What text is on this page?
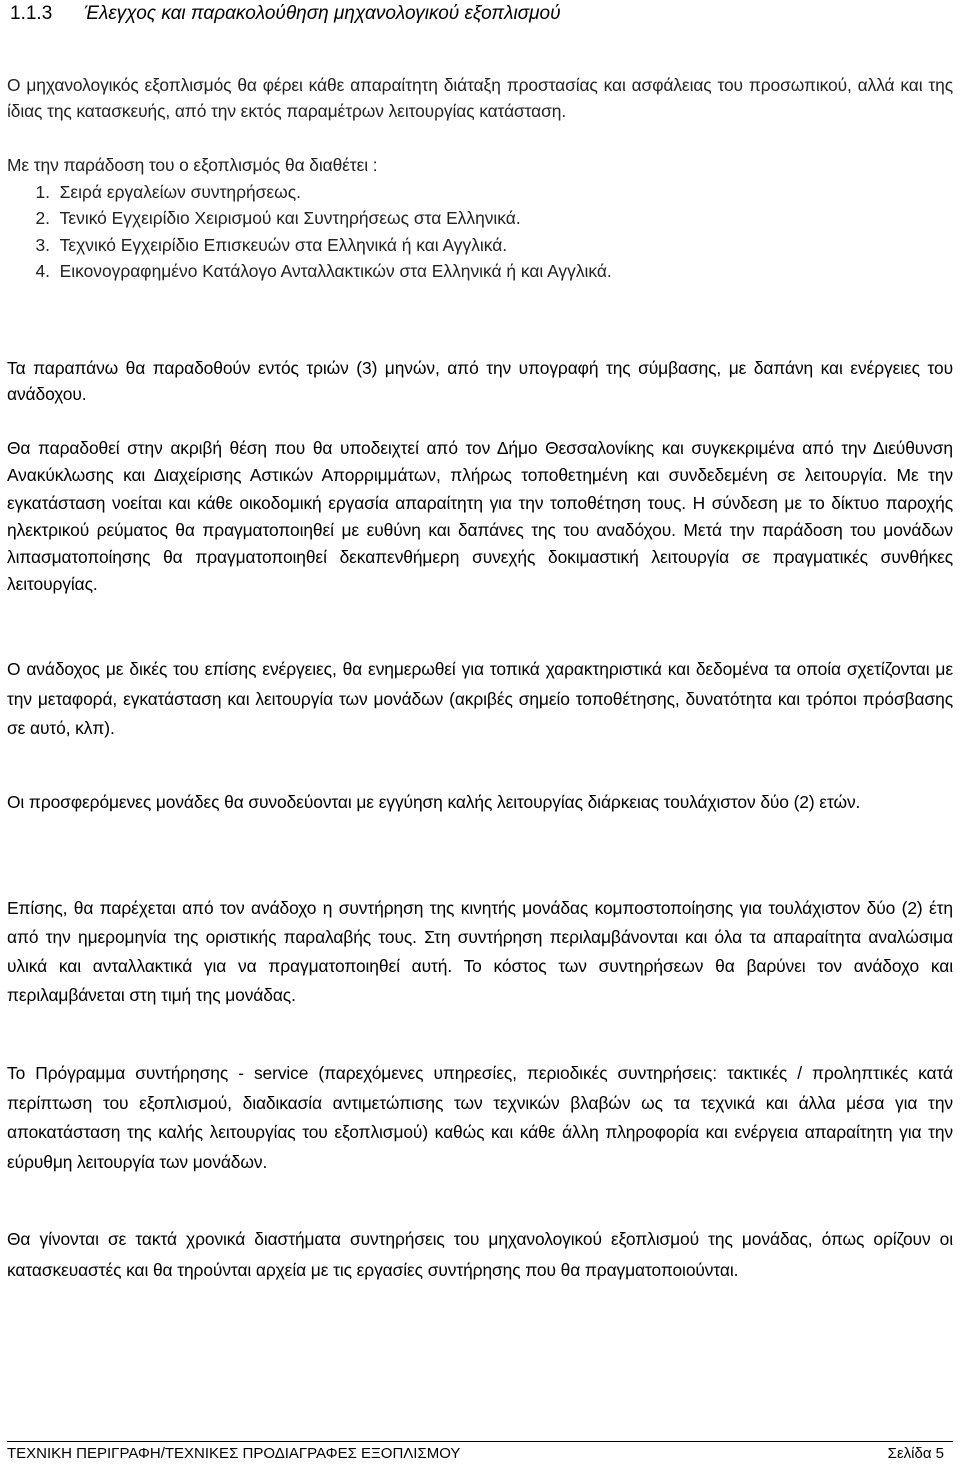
1.1.3 Έλεγχος και παρακολούθηση μηχανολογικού εξοπλισμού

Ο μηχανολογικός εξοπλισμός θα φέρει κάθε απαραίτητη διάταξη προστασίας και ασφάλειας του προσωπικού, αλλά και της ίδιας της κατασκευής, από την εκτός παραμέτρων λειτουργίας κατάσταση.

Με την παράδοση του ο εξοπλισμός θα διαθέτει :

1. Σειρά εργαλείων συντηρήσεως.
2. Τενικό Εγχειρίδιο Χειρισμού και Συντηρήσεως στα Ελληνικά.
3. Τεχνικό Εγχειρίδιο Επισκευών στα Ελληνικά ή και Αγγλικά.
4. Εικονογραφημένο Κατάλογο Ανταλλακτικών στα Ελληνικά ή και Αγγλικά.

Τα παραπάνω θα παραδοθούν εντός τριών (3) μηνών, από την υπογραφή της σύμβασης, με δαπάνη και ενέργειες του ανάδοχου.

Θα παραδοθεί στην ακριβή θέση που θα υποδειχτεί από τον Δήμο Θεσσαλονίκης και συγκεκριμένα από την Διεύθυνση Ανακύκλωσης και Διαχείρισης Αστικών Απορριμμάτων, πλήρως τοποθετημένη και συνδεδεμένη σε λειτουργία. Με την εγκατάσταση νοείται και κάθε οικοδομική εργασία απαραίτητη για την τοποθέτηση τους. Η σύνδεση με το δίκτυο παροχής ηλεκτρικού ρεύματος θα πραγματοποιηθεί με ευθύνη και δαπάνες της του αναδόχου. Μετά την παράδοση του μονάδων λιπασματοποίησης θα πραγματοποιηθεί δεκαπενθήμερη συνεχής δοκιμαστική λειτουργία σε πραγματικές συνθήκες λειτουργίας.

Ο ανάδοχος με δικές του επίσης ενέργειες, θα ενημερωθεί για τοπικά χαρακτηριστικά και δεδομένα τα οποία σχετίζονται με την μεταφορά, εγκατάσταση και λειτουργία των μονάδων (ακριβές σημείο τοποθέτησης, δυνατότητα και τρόποι πρόσβασης σε αυτό, κλπ).

Οι προσφερόμενες μονάδες θα συνοδεύονται με εγγύηση καλής λειτουργίας διάρκειας τουλάχιστον δύο (2) ετών.

Επίσης, θα παρέχεται από τον ανάδοχο η συντήρηση της κινητής μονάδας κομποστοποίησης για τουλάχιστον δύο (2) έτη από την ημερομηνία της οριστικής παραλαβής τους. Στη συντήρηση περιλαμβάνονται και όλα τα απαραίτητα αναλώσιμα υλικά και ανταλλακτικά για να πραγματοποιηθεί αυτή. Το κόστος των συντηρήσεων θα βαρύνει τον ανάδοχο και περιλαμβάνεται στη τιμή της μονάδας.

Το Πρόγραμμα συντήρησης - service (παρεχόμενες υπηρεσίες, περιοδικές συντηρήσεις: τακτικές / προληπτικές κατά περίπτωση του εξοπλισμού, διαδικασία αντιμετώπισης των τεχνικών βλαβών ως τα τεχνικά και άλλα μέσα για την αποκατάσταση της καλής λειτουργίας του εξοπλισμού) καθώς και κάθε άλλη πληροφορία και ενέργεια απαραίτητη για την εύρυθμη λειτουργία των μονάδων.

Θα γίνονται σε τακτά χρονικά διαστήματα συντηρήσεις του μηχανολογικού εξοπλισμού της μονάδας, όπως ορίζουν οι κατασκευαστές και θα τηρούνται αρχεία με τις εργασίες συντήρησης που θα πραγματοποιούνται.

ΤΕΧΝΙΚΗ ΠΕΡΙΓΡΑΦΗ/ΤΕΧΝΙΚΕΣ ΠΡΟΔΙΑΓΡΑΦΕΣ ΕΞΟΠΛΙΣΜΟΥ	Σελίδα 5
